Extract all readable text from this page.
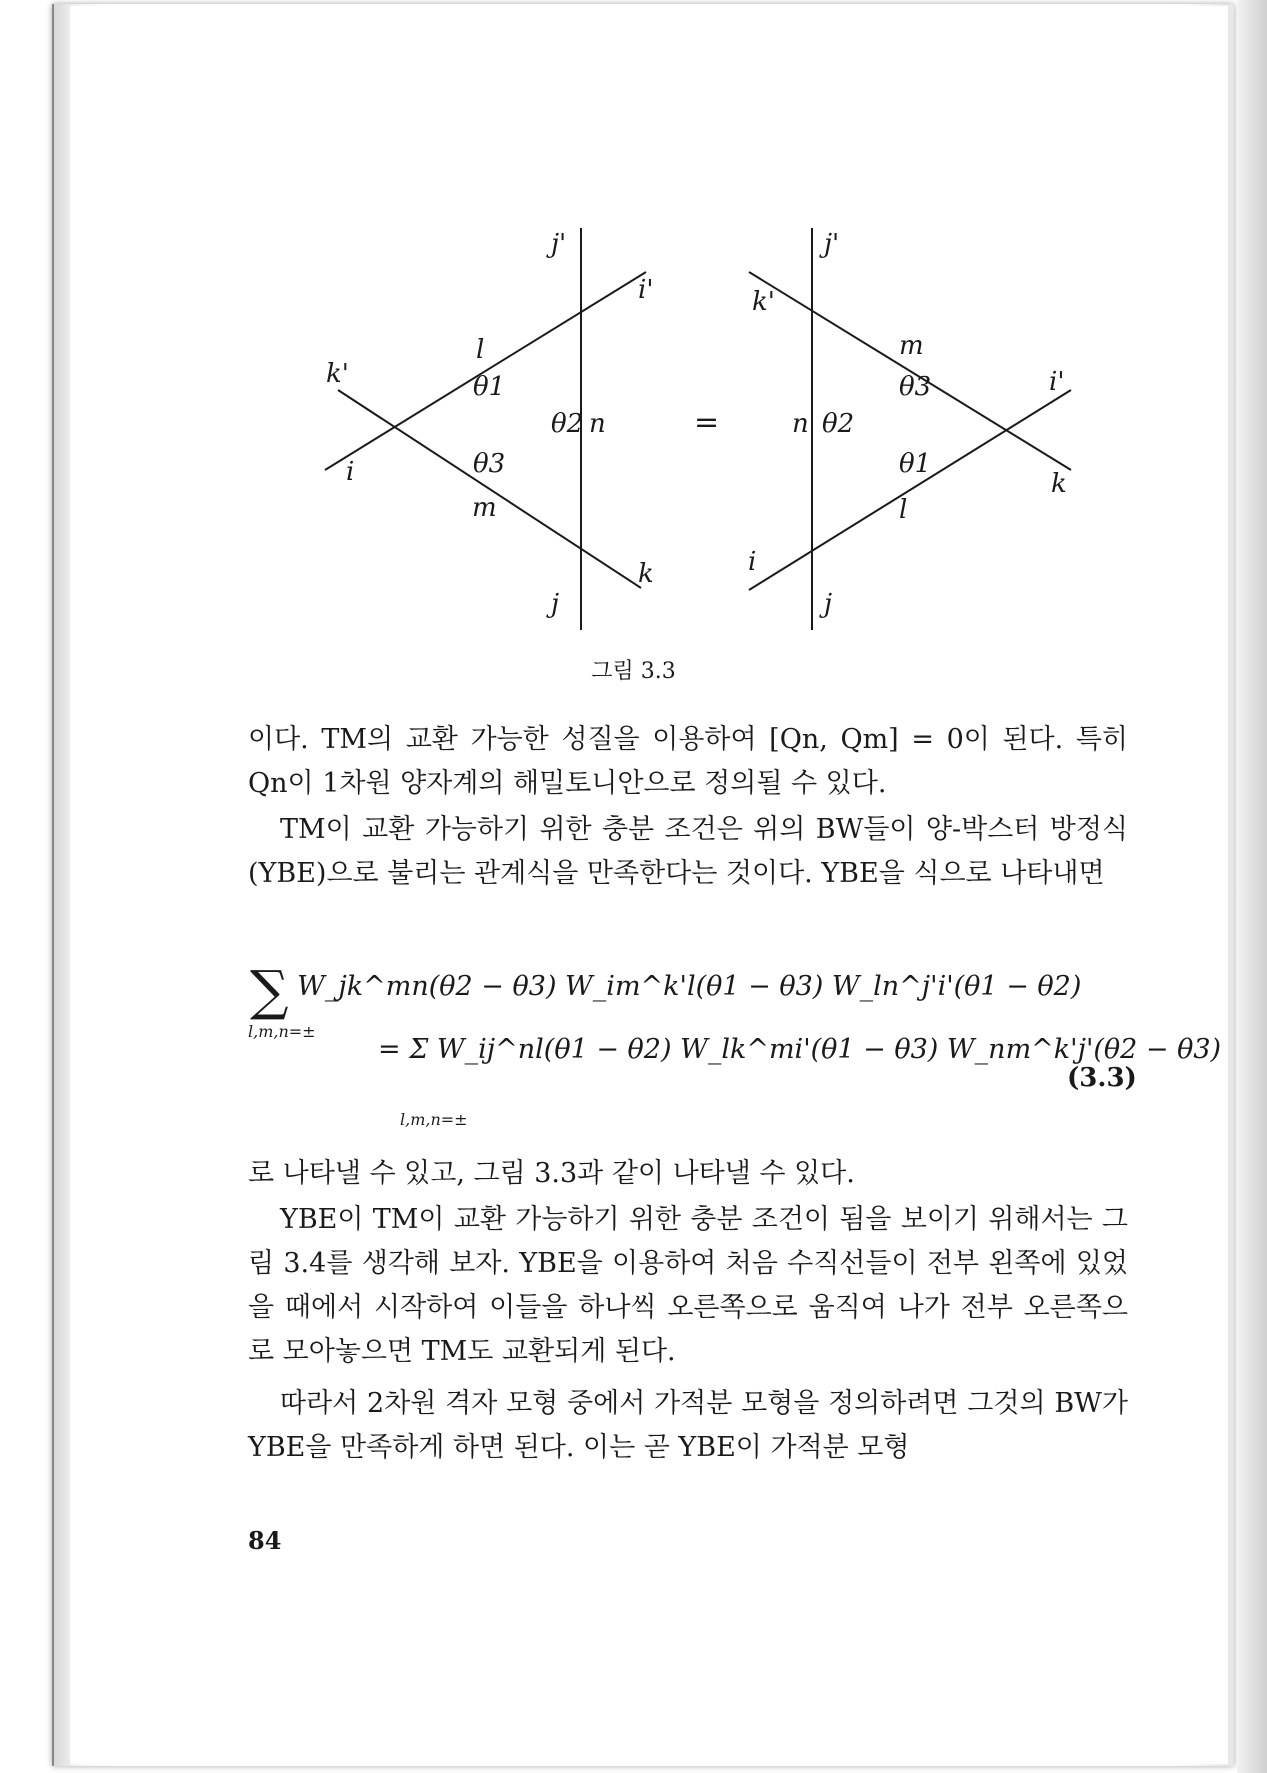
j'
i'
k'
l
θ1
θ2 n
i	θ3
m
k
j
=
j'
k'
m
θ3	i'
n θ2
θ1
k
l
i
j
그림 3.3

이다. TM의 교환 가능한 성질을 이용하여 [Qn, Qm] = 0이 된다. 특히 Qn이 1차원 양자계의 해밀토니안으로 정의될 수 있다.

TM이 교환 가능하기 위한 충분 조건은 위의 BW들이 양-박스터 방정식(YBE)으로 불리는 관계식을 만족한다는 것이다. YBE을 식으로 나타내면

∑ W_jk^mn(θ2 − θ3) W_im^k'l(θ1 − θ3) W_ln^j'i'(θ1 − θ2)
l,m,n=±
= Σ W_ij^nl(θ1 − θ2) W_lk^mi'(θ1 − θ3) W_nm^k'j'(θ2 − θ3)
l,m,n=±
(3.3)

로 나타낼 수 있고, 그림 3.3과 같이 나타낼 수 있다.

YBE이 TM이 교환 가능하기 위한 충분 조건이 됨을 보이기 위해서는 그림 3.4를 생각해 보자. YBE을 이용하여 처음 수직선들이 전부 왼쪽에 있었을 때에서 시작하여 이들을 하나씩 오른쪽으로 움직여 나가 전부 오른쪽으로 모아놓으면 TM도 교환되게 된다.

따라서 2차원 격자 모형 중에서 가적분 모형을 정의하려면 그것의 BW가 YBE을 만족하게 하면 된다. 이는 곧 YBE이 가적분 모형

84
